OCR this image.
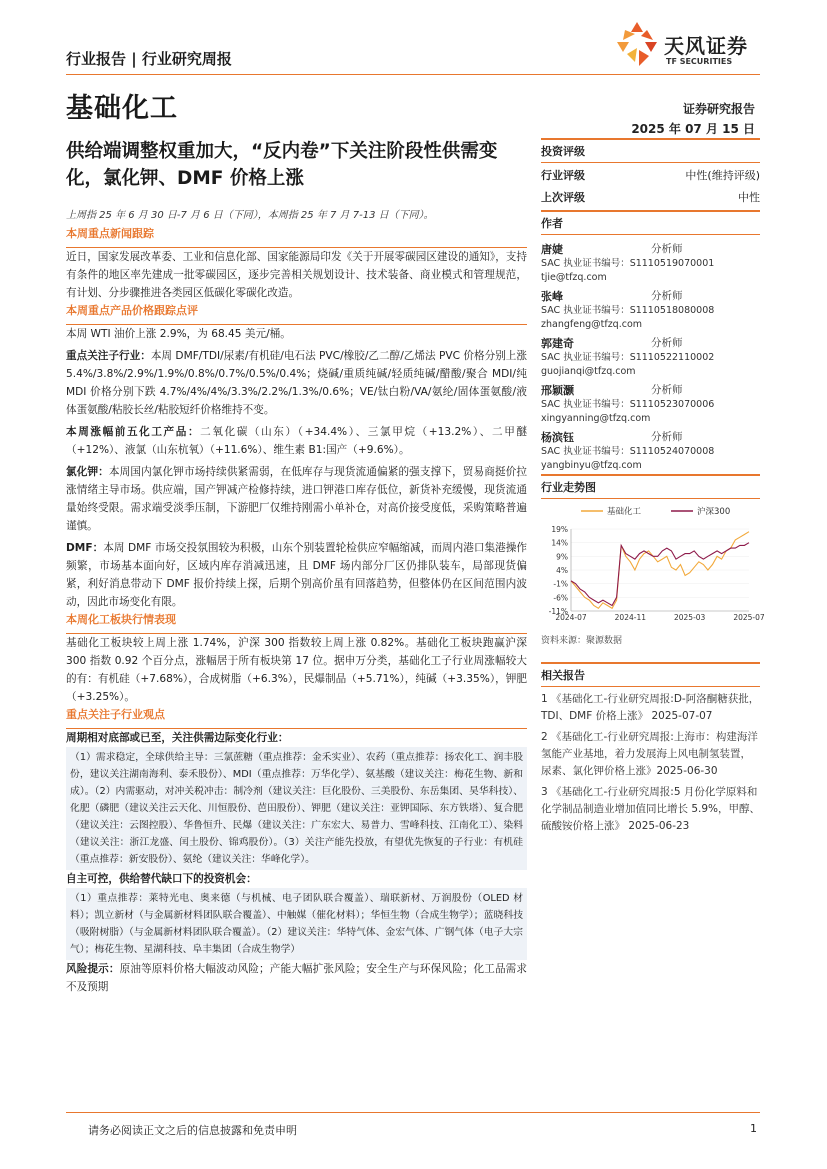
行业报告 | 行业研究周报
基础化工
天风证券
TF SECURITIES
证券研究报告
2025 年 07 月 15 日
供给端调整权重加大，“反内卷”下关注阶段性供需变化，氯化钾、DMF 价格上涨

上周指 25 年 6 月 30 日-7 月 6 日（下同），本周指 25 年 7 月 7-13 日（下同）。

本周重点新闻跟踪

近日，国家发展改革委、工业和信息化部、国家能源局印发《关于开展零碳园区建设的通知》，支持有条件的地区率先建成一批零碳园区，逐步完善相关规划设计、技术装备、商业模式和管理规范，有计划、分步骤推进各类园区低碳化零碳化改造。

本周重点产品价格跟踪点评

本周 WTI 油价上涨 2.9%，为 68.45 美元/桶。

重点关注子行业：本周 DMF/TDI/尿素/有机硅/电石法 PVC/橡胶/乙二醇/乙烯法 PVC 价格分别上涨 5.4%/3.8%/2.9%/1.9%/0.8%/0.7%/0.5%/0.4%；烧碱/重质纯碱/轻质纯碱/醋酸/聚合 MDI/纯 MDI 价格分别下跌 4.7%/4%/4%/3.3%/2.2%/1.3%/0.6%；VE/钛白粉/VA/氨纶/固体蛋氨酸/液体蛋氨酸/粘胶长丝/粘胶短纤价格维持不变。

本周涨幅前五化工产品：二氧化碳（山东）（+34.4%）、三氯甲烷（+13.2%）、二甲醚（+12%）、液氯（山东杭氧）（+11.6%）、维生素 B1:国产（+9.6%）。

氯化钾：本周国内氯化钾市场持续供紧需弱，在低库存与现货流通偏紧的强支撑下，贸易商挺价拉涨情绪主导市场。供应端，国产钾减产检修持续，进口钾港口库存低位，新货补充缓慢，现货流通量始终受限。需求端受淡季压制，下游肥厂仅维持刚需小单补仓，对高价接受度低，采购策略普遍谨慎。

DMF：本周 DMF 市场交投氛围较为积极，山东个别装置轮检供应窄幅缩减，而周内港口集港操作频繁，市场基本面向好，区域内库存消减迅速，且 DMF 场内部分厂区仍排队装车，局部现货偏紧，利好消息带动下 DMF 报价持续上探，后期个别高价虽有回落趋势，但整体仍在区间范围内波动，因此市场变化有限。

本周化工板块行情表现

基础化工板块较上周上涨 1.74%，沪深 300 指数较上周上涨 0.82%。基础化工板块跑赢沪深 300 指数 0.92 个百分点，涨幅居于所有板块第 17 位。据申万分类，基础化工子行业周涨幅较大的有：有机硅（+7.68%），合成树脂（+6.3%），民爆制品（+5.71%），纯碱（+3.35%），钾肥（+3.25%）。

重点关注子行业观点

周期相对底部或已至，关注供需边际变化行业：

（1）需求稳定，全球供给主导：三氯蔗糖（重点推荐：金禾实业）、农药（重点推荐：扬农化工、润丰股份，建议关注湖南海利、泰禾股份）、MDI（重点推荐：万华化学）、氨基酸（建议关注：梅花生物、新和成）。（2）内需驱动，对冲关税冲击：制冷剂（建议关注：巨化股份、三美股份、东岳集团、昊华科技）、化肥（磷肥（建议关注云天化、川恒股份、芭田股份）、钾肥（建议关注：亚钾国际、东方铁塔）、复合肥（建议关注：云图控股）、华鲁恒升、民爆（建议关注：广东宏大、易普力、雪峰科技、江南化工）、染料（建议关注：浙江龙盛、闰土股份、锦鸡股份）。（3）关注产能先投放，有望优先恢复的子行业：有机硅（重点推荐：新安股份）、氨纶（建议关注：华峰化学）。

自主可控，供给替代缺口下的投资机会：

（1）重点推荐：莱特光电、奥来德（与机械、电子团队联合覆盖）、瑞联新材、万润股份（OLED 材料）；凯立新材（与金属新材料团队联合覆盖）、中触媒（催化材料）；华恒生物（合成生物学）；蓝晓科技（吸附树脂）（与金属新材料团队联合覆盖）。（2）建议关注：华特气体、金宏气体、广钢气体（电子大宗气）；梅花生物、星湖科技、阜丰集团（合成生物学）

风险提示：原油等原料价格大幅波动风险；产能大幅扩张风险；安全生产与环保风险；化工品需求不及预期

投资评级
行业评级	中性(维持评级)
上次评级	中性
作者
唐婕	分析师
SAC 执业证书编号：S1110519070001
tjie@tfzq.com
张峰	分析师
SAC 执业证书编号：S1110518080008
zhangfeng@tfzq.com
郭建奇	分析师
SAC 执业证书编号：S1110522110002
guojianqi@tfzq.com
邢颖灏	分析师
SAC 执业证书编号：S1110523070006
xingyanning@tfzq.com
杨滨钰	分析师
SAC 执业证书编号：S1110524070008
yangbinyu@tfzq.com
行业走势图
基础化工	沪深300
19%
14%
9%
4%
-1%
-6%
-11%
2024-07	2024-11	2025-03	2025-07
资料来源：聚源数据
相关报告
1 《基础化工-行业研究周报:D-阿洛酮糖获批，TDI、DMF 价格上涨》 2025-07-07
2 《基础化工-行业研究周报:上海市：构建海洋氢能产业基地，着力发展海上风电制氢装置，尿素、氯化钾价格上涨》2025-06-30
3 《基础化工-行业研究周报:5 月份化学原料和化学制品制造业增加值同比增长 5.9%，甲醇、硫酸铵价格上涨》 2025-06-23
请务必阅读正文之后的信息披露和免责申明	1
